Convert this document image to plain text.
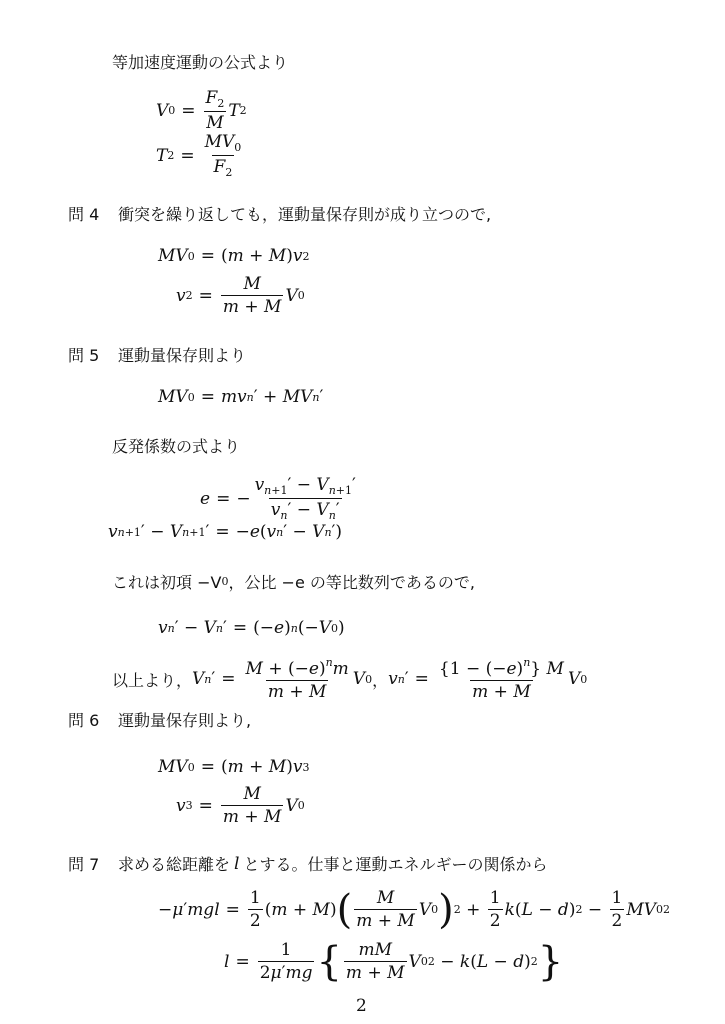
等加速度運動の公式より
V $0 = \frac{F_2}{M}$ T 2
T $2 = \frac{MV_0}{F_2}$
問 4 衝突を繰り返しても，運動量保存則が成り立つので,
MV 0 = ( m + M ) v 2
v $2 = \frac{M}{m + M}$ V 0
問 5 運動量保存則より
MV 0 = mv n ′ + MV n ′
反発係数の式より
e = − $\frac{v_{n+1}' - V_{n+1}'}{v_n' - V_n'}$
v n +1 ′ − V n +1 ′ = − e ( v n ′ − V n ′ )
これは初項 −V 0 ，公比 −e の等比数列であるので,
v n ′ − V n ′ = (− e ) n (− V 0 )
以上より， V n ′ = $\frac{M + (-e)^nm}{m + M}$ V 0 ， v n ′ = $\frac{\{1 - (-e)^n\} M}{m + M}$ V 0
問 6 運動量保存則より,
MV 0 = ( m + M ) v 3
v $3 = \frac{M}{m + M}$ V 0
問 7 求める総距離を l とする。仕事と運動エネルギーの関係から
− μ ′ mgl = $\frac{1}{2}$ ( m + M ) ( $\frac{M}{m + M}$ V 0 ) $2 + \frac{1}{2}$ k ( L − d ) $2 - \frac{1}{2}$ MV 0 2
$l = \frac{1}{2\mu'mg}$ { $\frac{mM}{m + M}$ V 0 2 − k ( L − d ) 2 }
2
